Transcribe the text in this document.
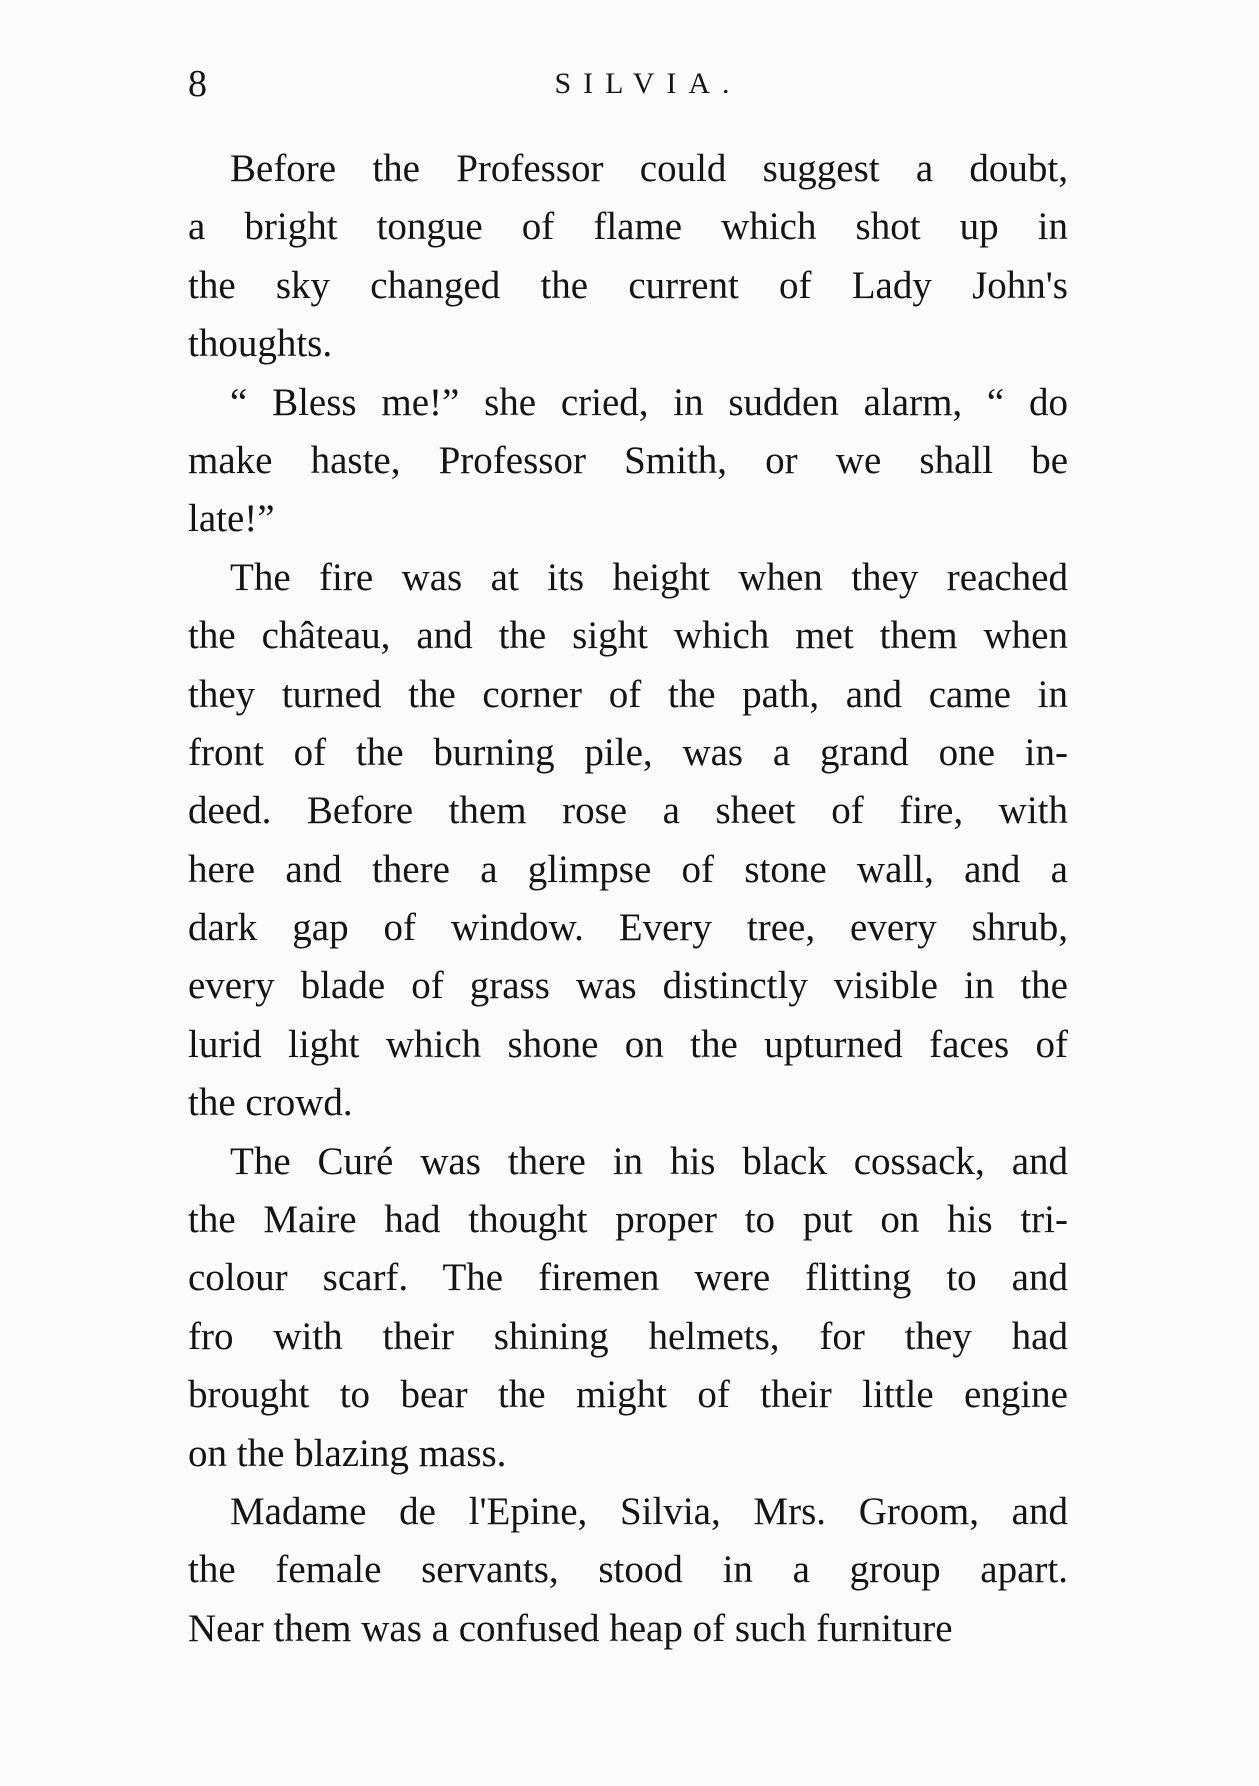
8	SILVIA.
Before the Professor could suggest a doubt,
a bright tongue of flame which shot up in
the sky changed the current of Lady John's
thoughts.
“ Bless me!” she cried, in sudden alarm, “ do
make haste, Professor Smith, or we shall be
late!”
The fire was at its height when they reached
the château, and the sight which met them when
they turned the corner of the path, and came in
front of the burning pile, was a grand one in-
deed. Before them rose a sheet of fire, with
here and there a glimpse of stone wall, and a
dark gap of window. Every tree, every shrub,
every blade of grass was distinctly visible in the
lurid light which shone on the upturned faces of
the crowd.
The Curé was there in his black cossack, and
the Maire had thought proper to put on his tri-
colour scarf. The firemen were flitting to and
fro with their shining helmets, for they had
brought to bear the might of their little engine
on the blazing mass.
Madame de l'Epine, Silvia, Mrs. Groom, and
the female servants, stood in a group apart.
Near them was a confused heap of such furniture
